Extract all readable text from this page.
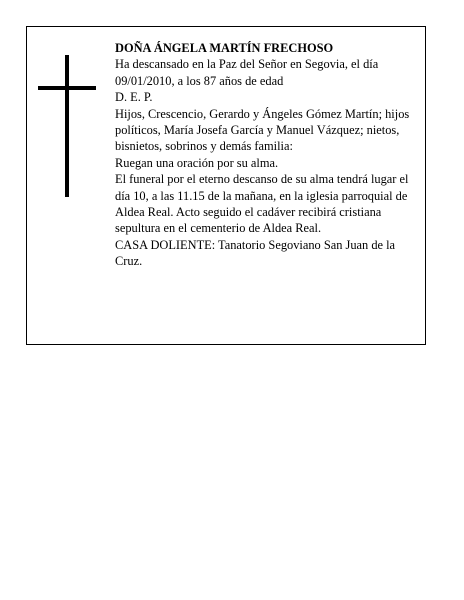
DOÑA ÁNGELA MARTÍN FRECHOSO

Ha descansado en la Paz del Señor en Segovia, el día 09/01/2010, a los 87 años de edad

D. E. P.

Hijos, Crescencio, Gerardo y Ángeles Gómez Martín; hijos políticos, María Josefa García y Manuel Vázquez; nietos, bisnietos, sobrinos y demás familia:

Ruegan una oración por su alma.

El funeral por el eterno descanso de su alma tendrá lugar el día 10, a las 11.15 de la mañana, en la iglesia parroquial de Aldea Real. Acto seguido el cadáver recibirá cristiana sepultura en el cementerio de Aldea Real.

CASA DOLIENTE: Tanatorio Segoviano San Juan de la Cruz.
